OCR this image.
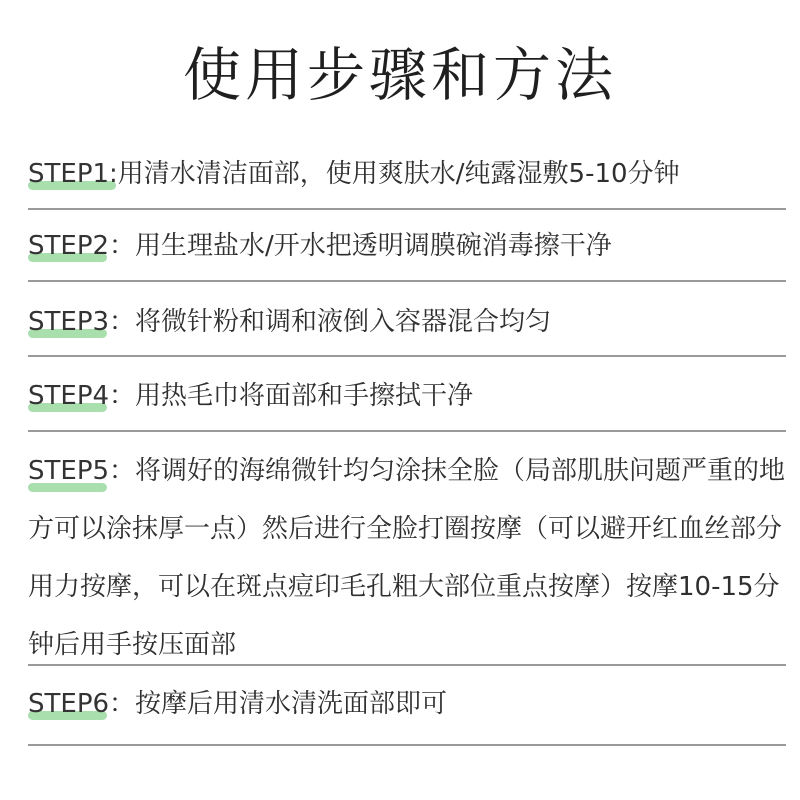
使用步骤和方法
STEP1:用清水清洁面部，使用爽肤水/纯露湿敷5-10分钟
STEP2：用生理盐水/开水把透明调膜碗消毒擦干净
STEP3：将微针粉和调和液倒入容器混合均匀
STEP4：用热毛巾将面部和手擦拭干净
STEP5：将调好的海绵微针均匀涂抹全脸（局部肌肤问题严重的地方可以涂抹厚一点）然后进行全脸打圈按摩（可以避开红血丝部分用力按摩，可以在斑点痘印毛孔粗大部位重点按摩）按摩10-15分钟后用手按压面部
STEP6：按摩后用清水清洗面部即可
